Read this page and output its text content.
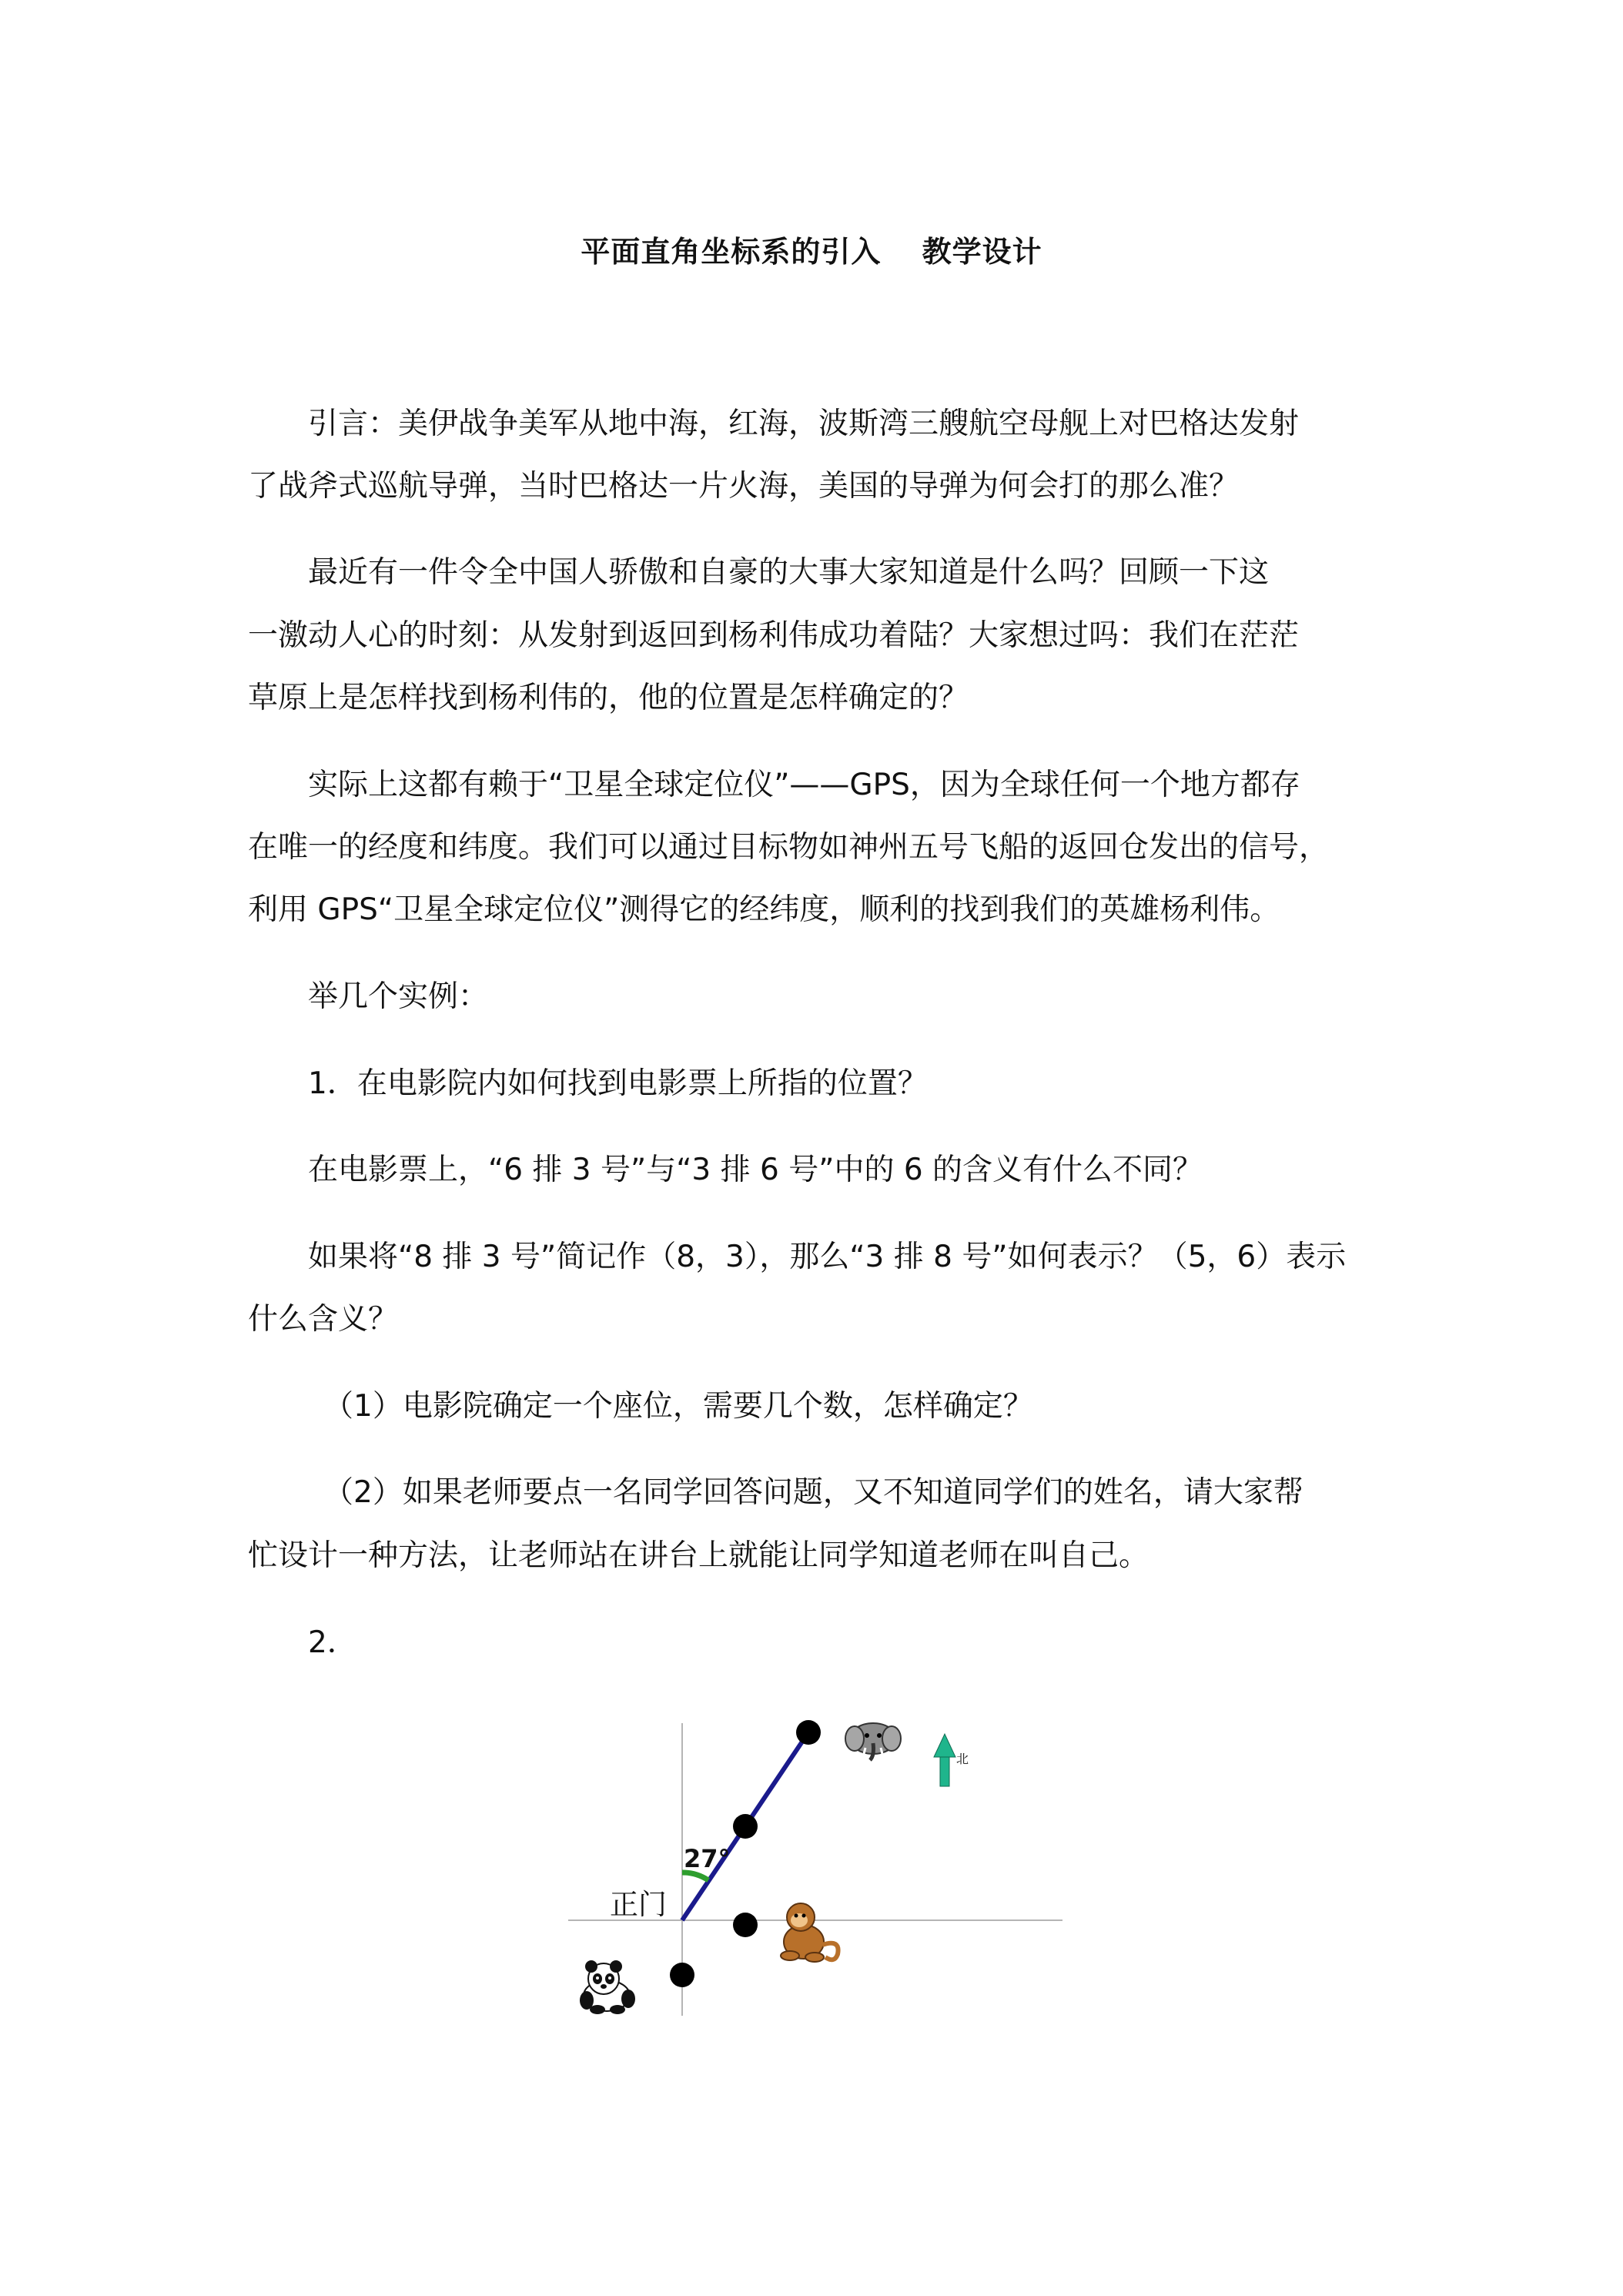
平面直角坐标系的引入　 教学设计
引言：美伊战争美军从地中海，红海，波斯湾三艘航空母舰上对巴格达发射
了战斧式巡航导弹，当时巴格达一片火海，美国的导弹为何会打的那么准？
最近有一件令全中国人骄傲和自豪的大事大家知道是什么吗？回顾一下这
一激动人心的时刻：从发射到返回到杨利伟成功着陆？大家想过吗：我们在茫茫
草原上是怎样找到杨利伟的，他的位置是怎样确定的？
实际上这都有赖于“卫星全球定位仪”——GPS，因为全球任何一个地方都存
在唯一的经度和纬度。我们可以通过目标物如神州五号飞船的返回仓发出的信号，
利用 GPS“卫星全球定位仪”测得它的经纬度，顺利的找到我们的英雄杨利伟。
举几个实例：
1．在电影院内如何找到电影票上所指的位置？
在电影票上，“6 排 3 号”与“3 排 6 号”中的 6 的含义有什么不同？
如果将“8 排 3 号”简记作（8，3），那么“3 排 8 号”如何表示？（5，6）表示
什么含义？
（1）电影院确定一个座位，需要几个数，怎样确定？
（2）如果老师要点一名同学回答问题，又不知道同学们的姓名，请大家帮
忙设计一种方法，让老师站在讲台上就能让同学知道老师在叫自己。
2．
27°
正门
北
